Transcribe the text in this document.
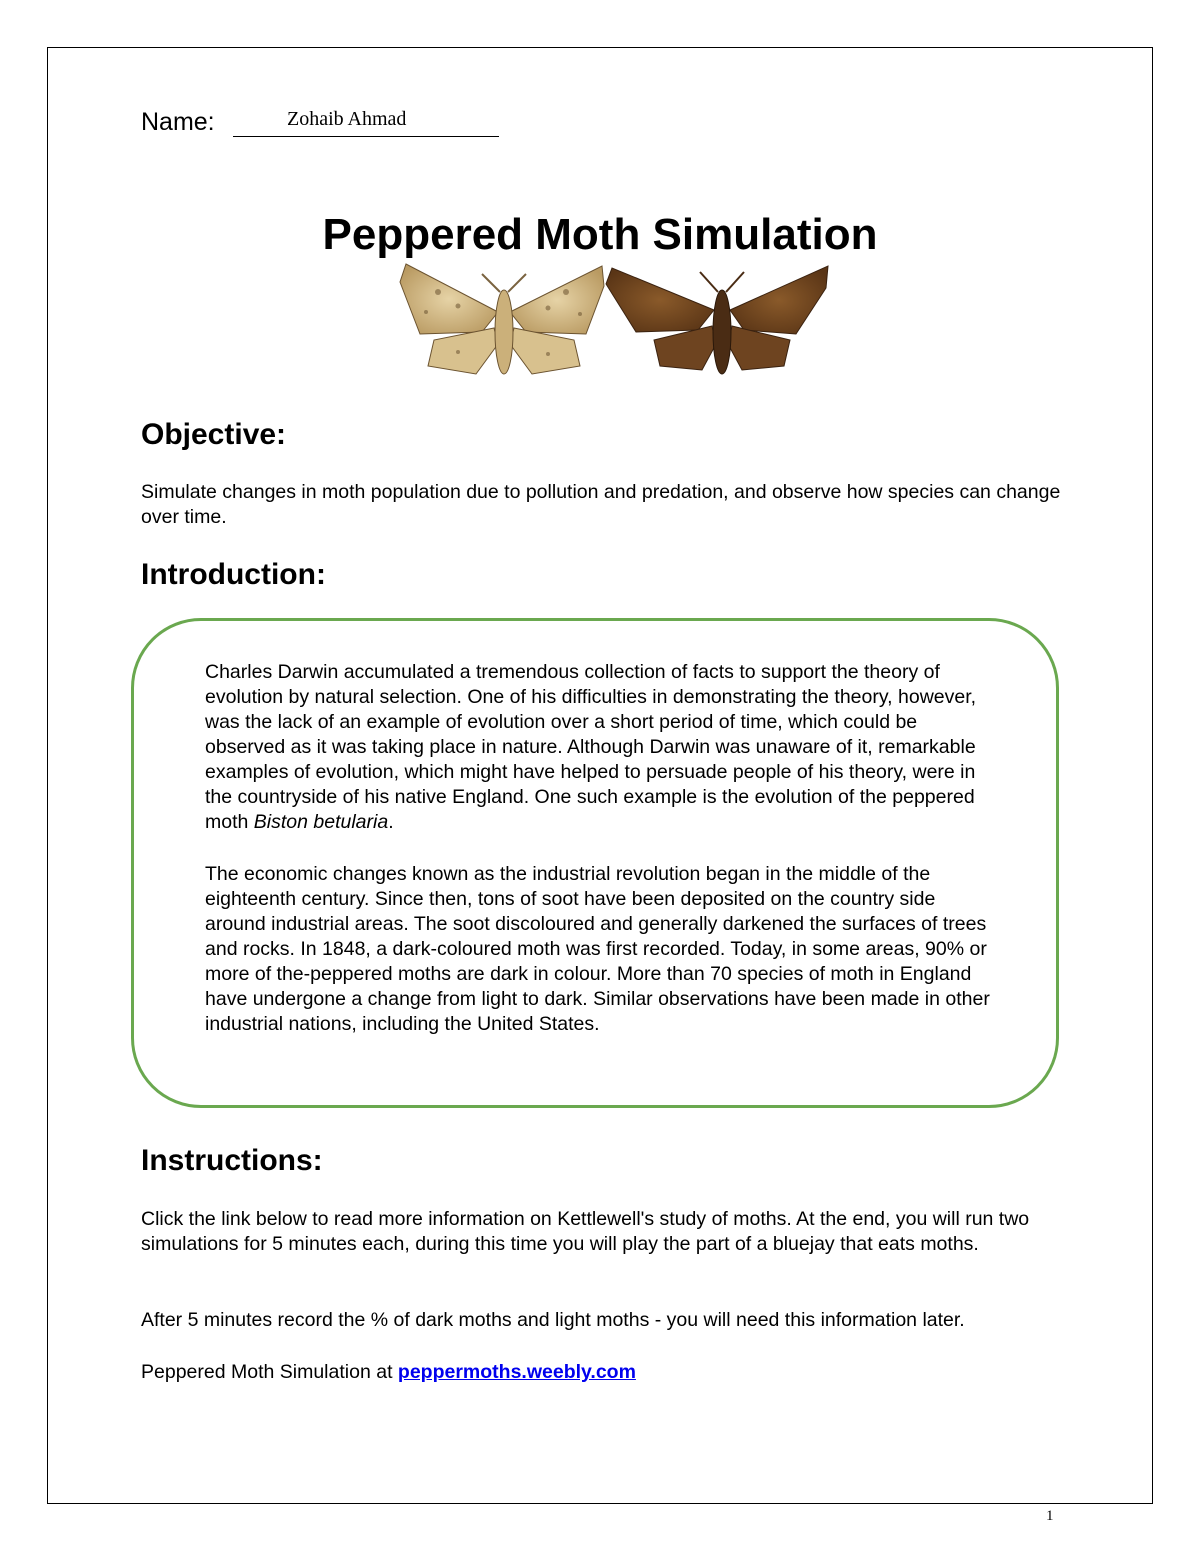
Name:	Zohaib Ahmad
Peppered Moth Simulation
Objective:
Simulate changes in moth population due to pollution and predation, and observe how species can change over time.
Introduction:

Charles Darwin accumulated a tremendous collection of facts to support the theory of evolution by natural selection. One of his difficulties in demonstrating the theory, however, was the lack of an example of evolution over a short period of time, which could be observed as it was taking place in nature. Although Darwin was unaware of it, remarkable examples of evolution, which might have helped to persuade people of his theory, were in the countryside of his native England. One such example is the evolution of the peppered moth Biston betularia.

The economic changes known as the industrial revolution began in the middle of the eighteenth century. Since then, tons of soot have been deposited on the country side around industrial areas. The soot discoloured and generally darkened the surfaces of trees and rocks. In 1848, a dark-coloured moth was first recorded. Today, in some areas, 90% or more of the-peppered moths are dark in colour. More than 70 species of moth in England have undergone a change from light to dark. Similar observations have been made in other industrial nations, including the United States.

Instructions:
Click the link below to read more information on Kettlewell's study of moths. At the end, you will run two simulations for 5 minutes each, during this time you will play the part of a bluejay that eats moths.
After 5 minutes record the % of dark moths and light moths - you will need this information later.
Peppered Moth Simulation at peppermoths.weebly.com
1
